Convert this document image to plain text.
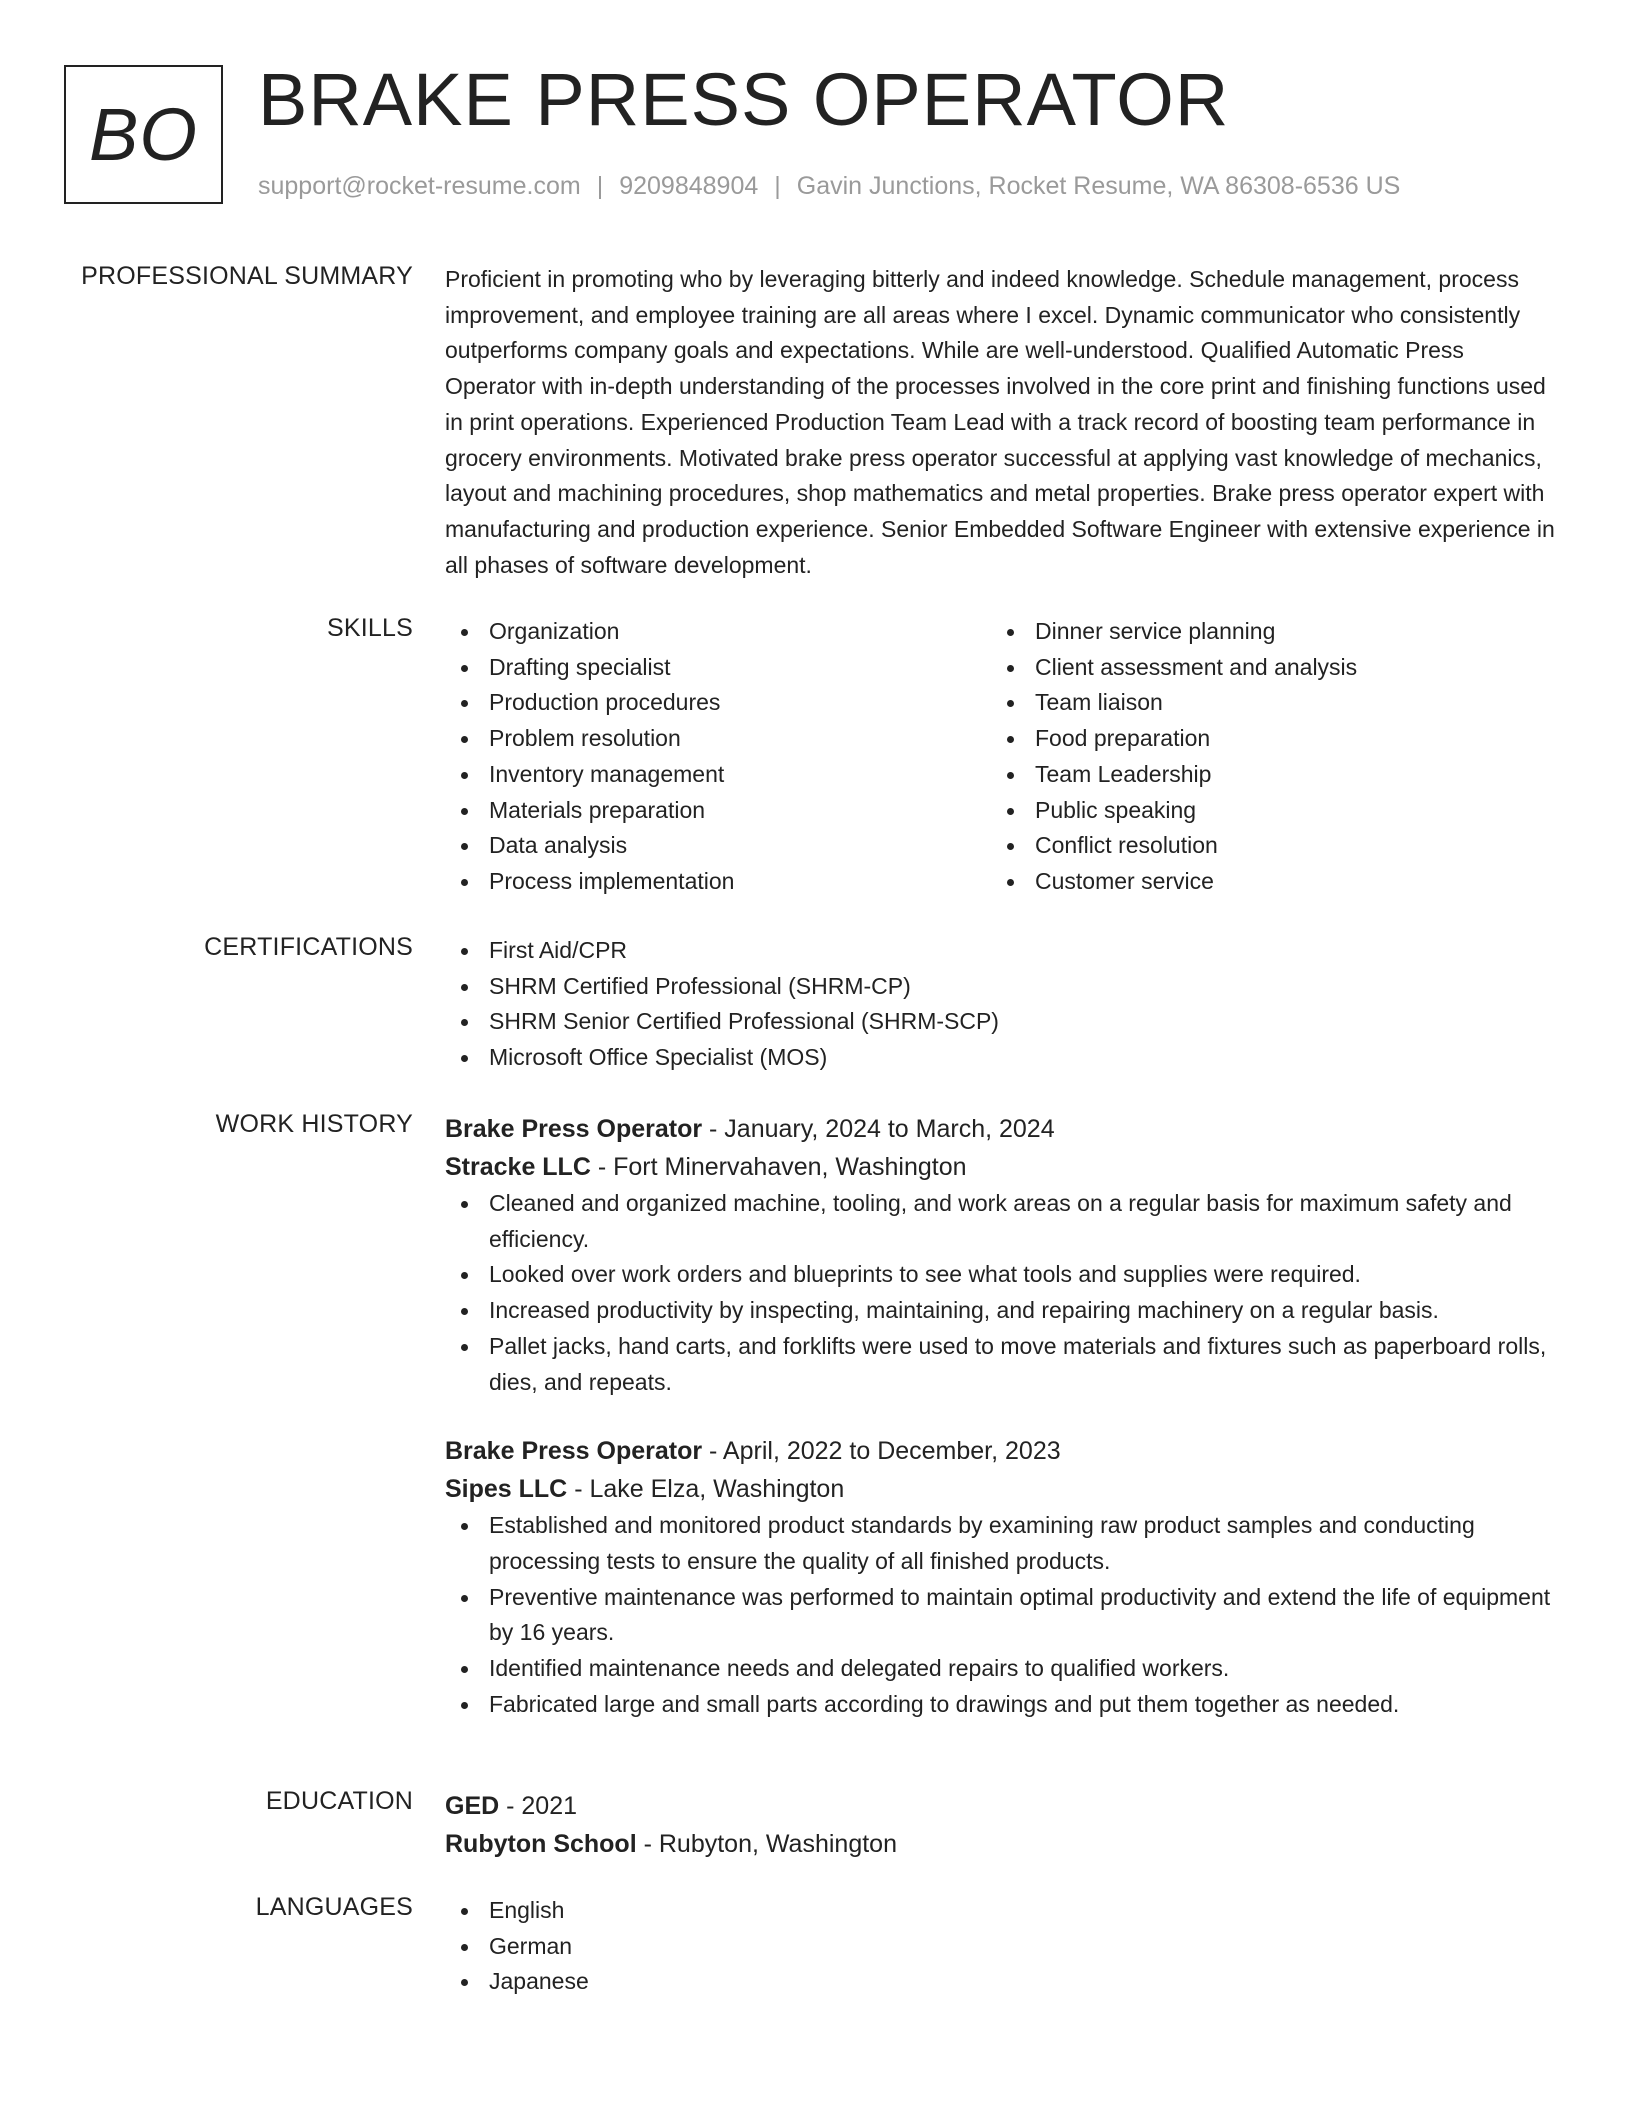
BO BRAKE PRESS OPERATOR
support@rocket-resume.com | 9209848904 | Gavin Junctions, Rocket Resume, WA 86308-6536 US
PROFESSIONAL SUMMARY Proficient in promoting who by leveraging bitterly and indeed knowledge. Schedule management, process improvement, and employee training are all areas where I excel. Dynamic communicator who consistently outperforms company goals and expectations. While are well-understood. Qualified Automatic Press Operator with in-depth understanding of the processes involved in the core print and finishing functions used in print operations. Experienced Production Team Lead with a track record of boosting team performance in grocery environments. Motivated brake press operator successful at applying vast knowledge of mechanics, layout and machining procedures, shop mathematics and metal properties. Brake press operator expert with manufacturing and production experience. Senior Embedded Software Engineer with extensive experience in all phases of software development.

SKILLS	Organization
Drafting specialist
Production procedures
Problem resolution
Inventory management
Materials preparation
Data analysis
Process implementation
Dinner service planning
Client assessment and analysis
Team liaison
Food preparation
Team Leadership
Public speaking
Conflict resolution
Customer service
CERTIFICATIONS	First Aid/CPR
SHRM Certified Professional (SHRM-CP)
SHRM Senior Certified Professional (SHRM-SCP)
Microsoft Office Specialist (MOS)
WORK HISTORY Brake Press Operator - January, 2024 to March, 2024
Stracke LLC - Fort Minervahaven, Washington
Cleaned and organized machine, tooling, and work areas on a regular basis for maximum safety and efficiency.
Looked over work orders and blueprints to see what tools and supplies were required.
Increased productivity by inspecting, maintaining, and repairing machinery on a regular basis.
Pallet jacks, hand carts, and forklifts were used to move materials and fixtures such as paperboard rolls, dies, and repeats.
Brake Press Operator - April, 2022 to December, 2023
Sipes LLC - Lake Elza, Washington
Established and monitored product standards by examining raw product samples and conducting processing tests to ensure the quality of all finished products.
Preventive maintenance was performed to maintain optimal productivity and extend the life of equipment by 16 years.
Identified maintenance needs and delegated repairs to qualified workers.
Fabricated large and small parts according to drawings and put them together as needed.
EDUCATION GED - 2021
Rubyton School - Rubyton, Washington
LANGUAGES	English
German
Japanese
